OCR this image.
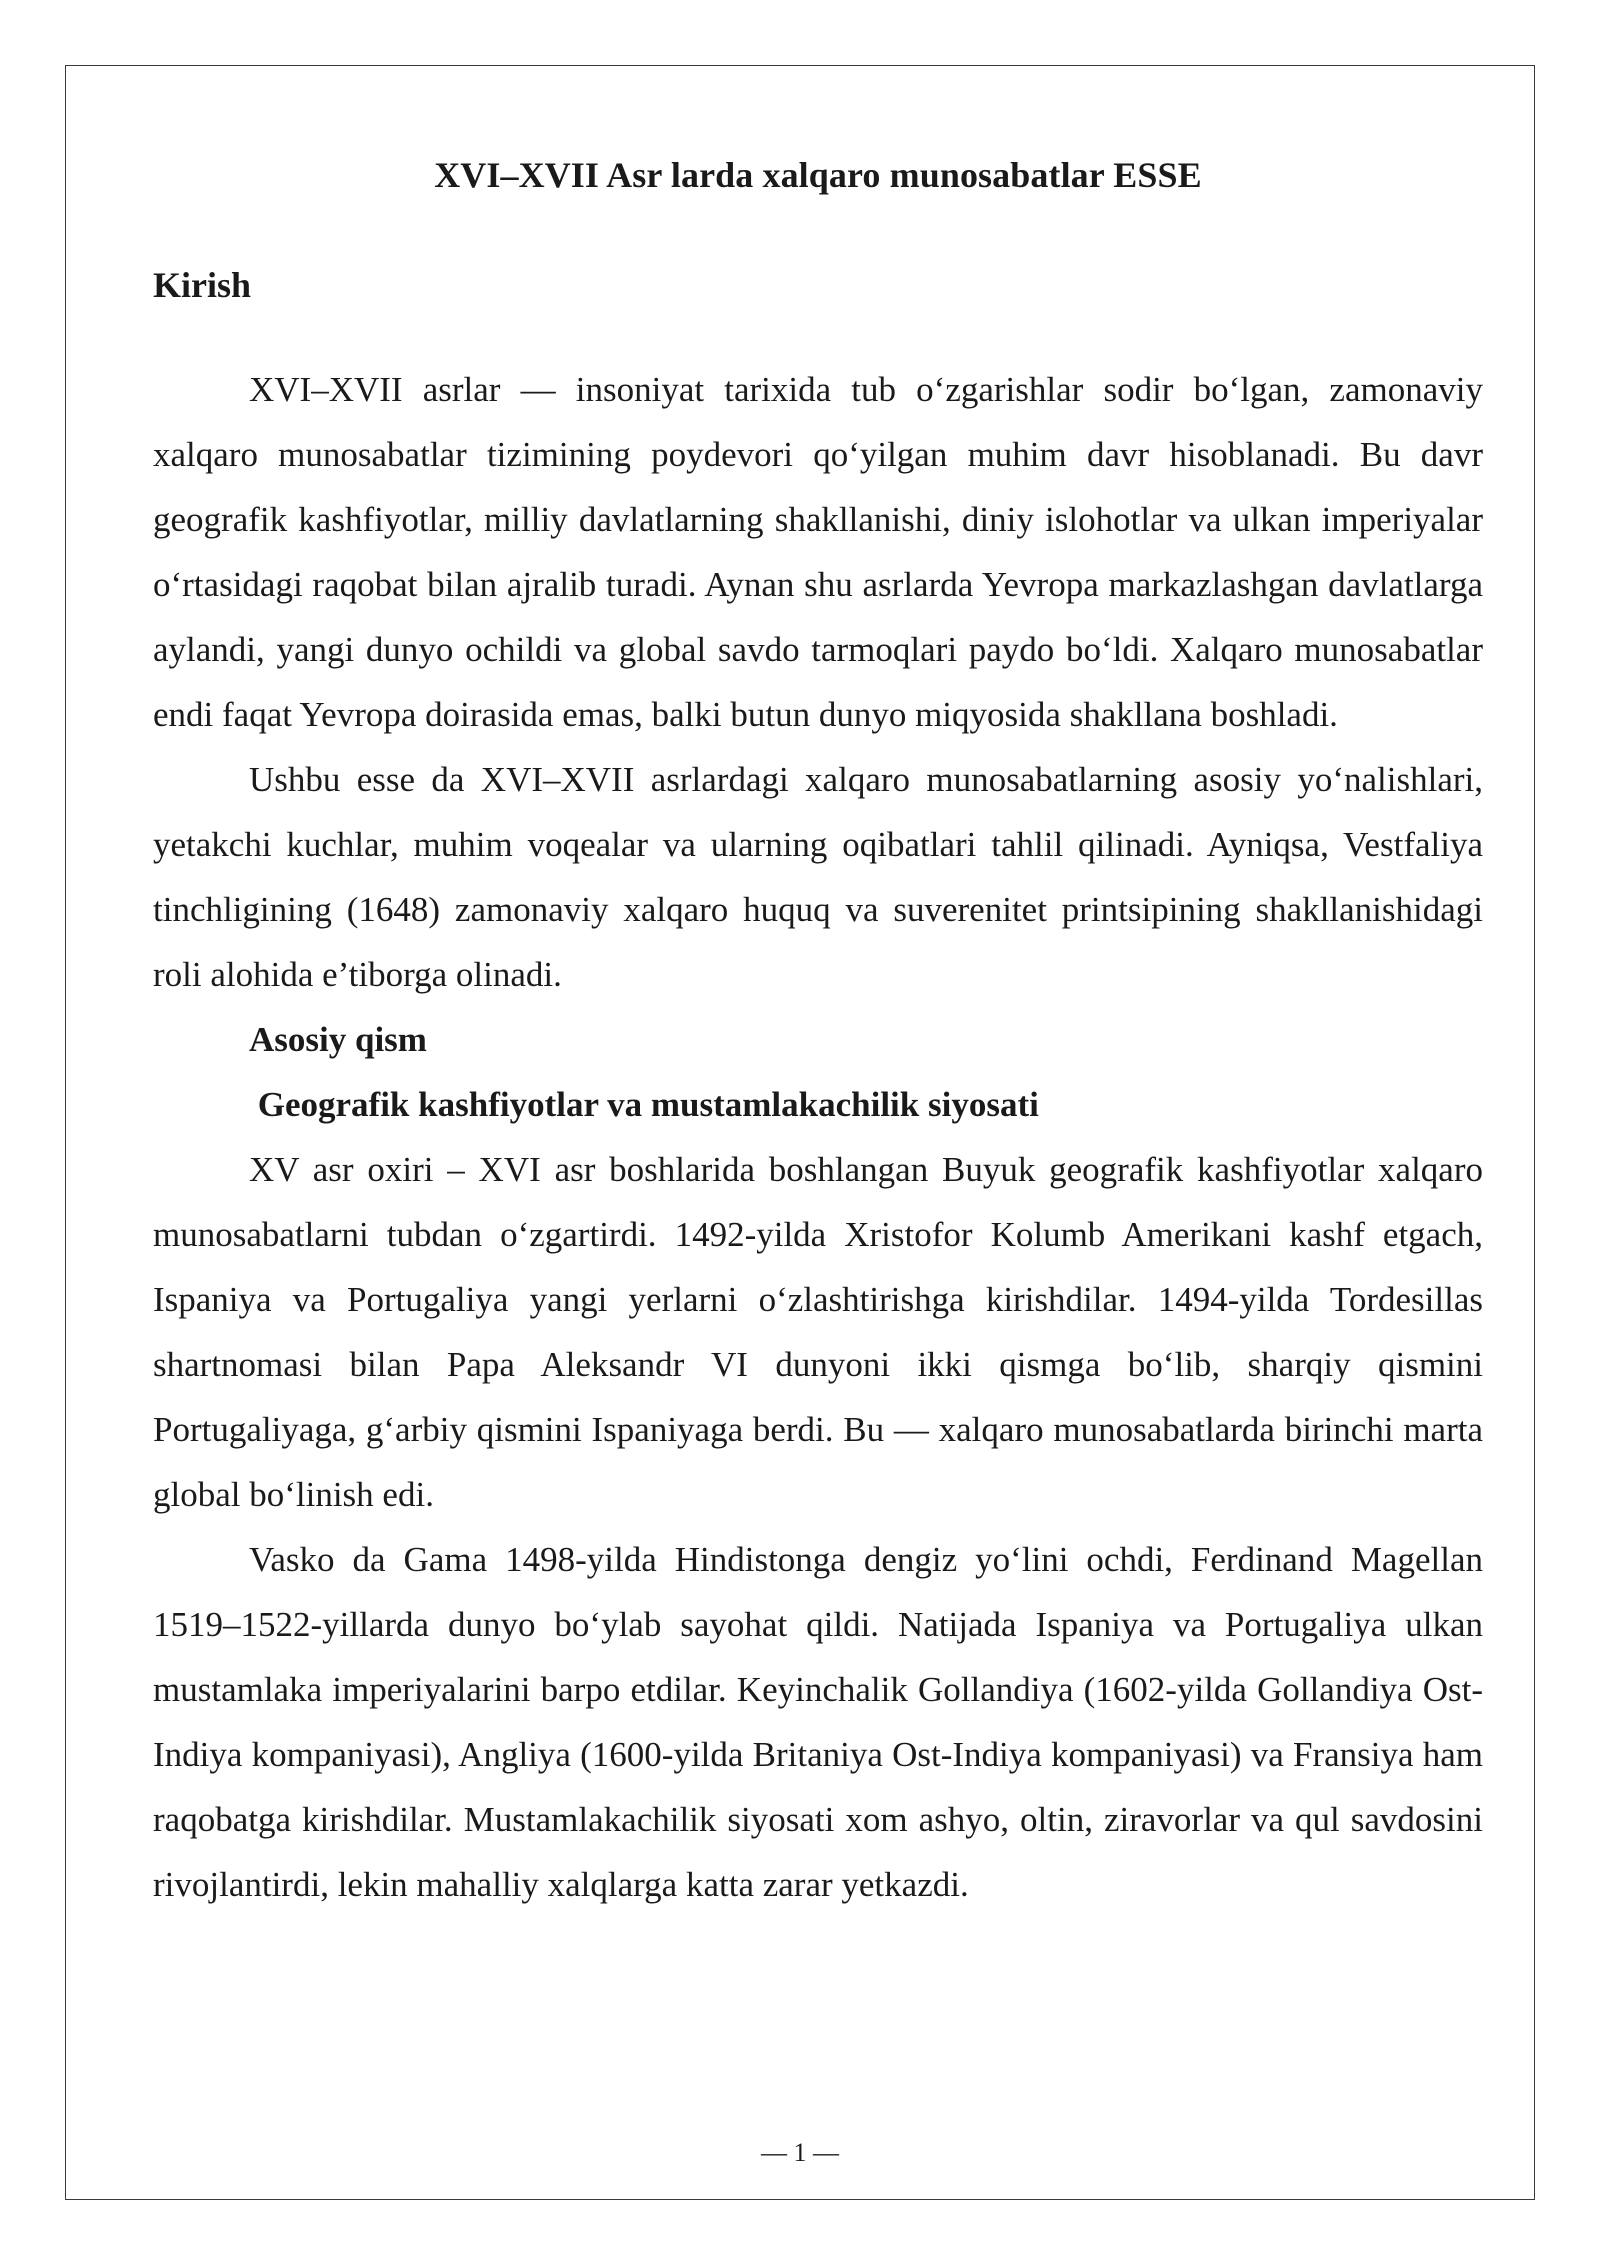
XVI–XVII Asr larda xalqaro munosabatlar ESSE
Kirish

XVI–XVII asrlar — insoniyat tarixida tub oʻzgarishlar sodir boʻlgan, zamonaviy xalqaro munosabatlar tizimining poydevori qoʻyilgan muhim davr hisoblanadi. Bu davr geografik kashfiyotlar, milliy davlatlarning shakllanishi, diniy islohotlar va ulkan imperiyalar oʻrtasidagi raqobat bilan ajralib turadi. Aynan shu asrlarda Yevropa markazlashgan davlatlarga aylandi, yangi dunyo ochildi va global savdo tarmoqlari paydo boʻldi. Xalqaro munosabatlar endi faqat Yevropa doirasida emas, balki butun dunyo miqyosida shakllana boshladi.

Ushbu esse da XVI–XVII asrlardagi xalqaro munosabatlarning asosiy yoʻnalishlari, yetakchi kuchlar, muhim voqealar va ularning oqibatlari tahlil qilinadi. Ayniqsa, Vestfaliya tinchligining (1648) zamonaviy xalqaro huquq va suverenitet printsipining shakllanishidagi roli alohida e’tiborga olinadi.

Asosiy qism
Geografik kashfiyotlar va mustamlakachilik siyosati

XV asr oxiri – XVI asr boshlarida boshlangan Buyuk geografik kashfiyotlar xalqaro munosabatlarni tubdan oʻzgartirdi. 1492-yilda Xristofor Kolumb Amerikani kashf etgach, Ispaniya va Portugaliya yangi yerlarni oʻzlashtirishga kirishdilar. 1494-yilda Tordesillas shartnomasi bilan Papa Aleksandr VI dunyoni ikki qismga boʻlib, sharqiy qismini Portugaliyaga, gʻarbiy qismini Ispaniyaga berdi. Bu — xalqaro munosabatlarda birinchi marta global boʻlinish edi.

Vasko da Gama 1498-yilda Hindistonga dengiz yoʻlini ochdi, Ferdinand Magellan 1519–1522-yillarda dunyo boʻylab sayohat qildi. Natijada Ispaniya va Portugaliya ulkan mustamlaka imperiyalarini barpo etdilar. Keyinchalik Gollandiya (1602-yilda Gollandiya Ost-Indiya kompaniyasi), Angliya (1600-yilda Britaniya Ost-Indiya kompaniyasi) va Fransiya ham raqobatga kirishdilar. Mustamlakachilik siyosati xom ashyo, oltin, ziravorlar va qul savdosini rivojlantirdi, lekin mahalliy xalqlarga katta zarar yetkazdi.

— 1 —
